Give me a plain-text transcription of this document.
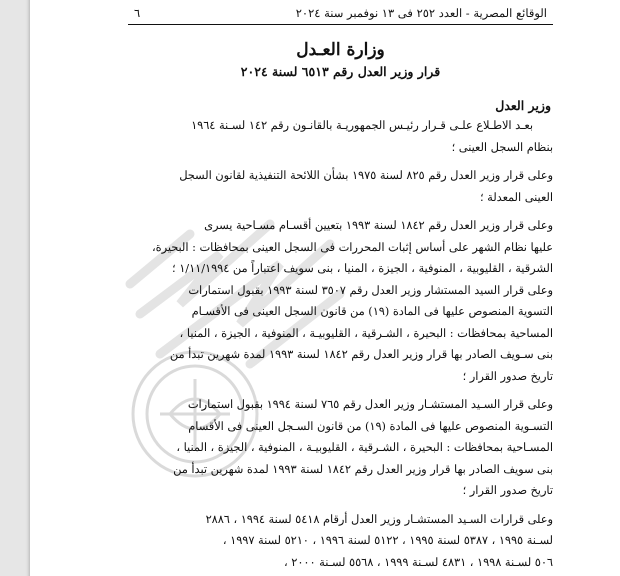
الوقائع المصرية - العدد ٢٥٢ فى ١٣ نوفمبر سنة ٢٠٢٤
٦
وزارة العـدل
قرار وزير العدل رقم ٦٥١٣ لسنة ٢٠٢٤
وزير العدل

بعـد الاطـلاع علـى قـرار رئيـس الجمهوريـة بالقانـون رقم ١٤٢ لسـنة ١٩٦٤
بنظام السجل العينى ؛

وعلى قرار وزير العدل رقم ٨٢٥ لسنة ١٩٧٥ بشأن اللائحة التنفيذية لقانون السجل
العينى المعدلة ؛

وعلى قرار وزير العدل رقم ١٨٤٢ لسنة ١٩٩٣ بتعيين أقسـام مسـاحية يسرى
عليها نظام الشهر على أساس إثبات المحررات فى السجل العينى بمحافظات : البحيرة،
الشرقية ، القليوبية ، المنوفية ، الجيزة ، المنيا ، بنى سويف اعتباراً من ١/١١/١٩٩٤ ؛
وعلى قرار السيد المستشار وزير العدل رقم ٣٥٠٧ لسنة ١٩٩٣ بقبول استمارات
التسوية المنصوص عليها فى المادة (١٩) من قانون السجل العينى فى الأقسـام
المساحية بمحافظات : البحيرة ، الشـرقية ، القليوبيـة ، المنوفية ، الجيزة ، المنيا ،
بنى سـويف الصادر بها قرار وزير العدل رقم ١٨٤٢ لسنة ١٩٩٣ لمدة شهرين تبدأ من
تاريخ صدور القرار ؛

وعلى قرار السـيد المستشـار وزير العدل رقم ٧٦٥ لسنة ١٩٩٤ بقبول استمارات
التسـوية المنصوص عليها فى المادة (١٩) من قانون السـجل العينى فى الأقسام
المسـاحية بمحافظات : البحيرة ، الشـرقية ، القليوبيـة ، المنوفية ، الجيزة ، المنيا ،
بنى سويف الصادر بها قرار وزير العدل رقم ١٨٤٢ لسنة ١٩٩٣ لمدة شهرين تبدأ من
تاريخ صدور القرار ؛

وعلى قرارات السـيد المستشـار وزير العدل أرقام ٥٤١٨ لسنة ١٩٩٤ ، ٢٨٨٦
لسـنة ١٩٩٥ ، ٥٣٨٧ لسنة ١٩٩٥ ، ٥١٢٢ لسنة ١٩٩٦ ، ٥٢١٠ لسنة ١٩٩٧ ،
٥٠٦ لسـنة ١٩٩٨ ، ٤٨٣١ لسـنة ١٩٩٩ ، ٥٥٦٨ لسـنة ٢٠٠٠ ،
